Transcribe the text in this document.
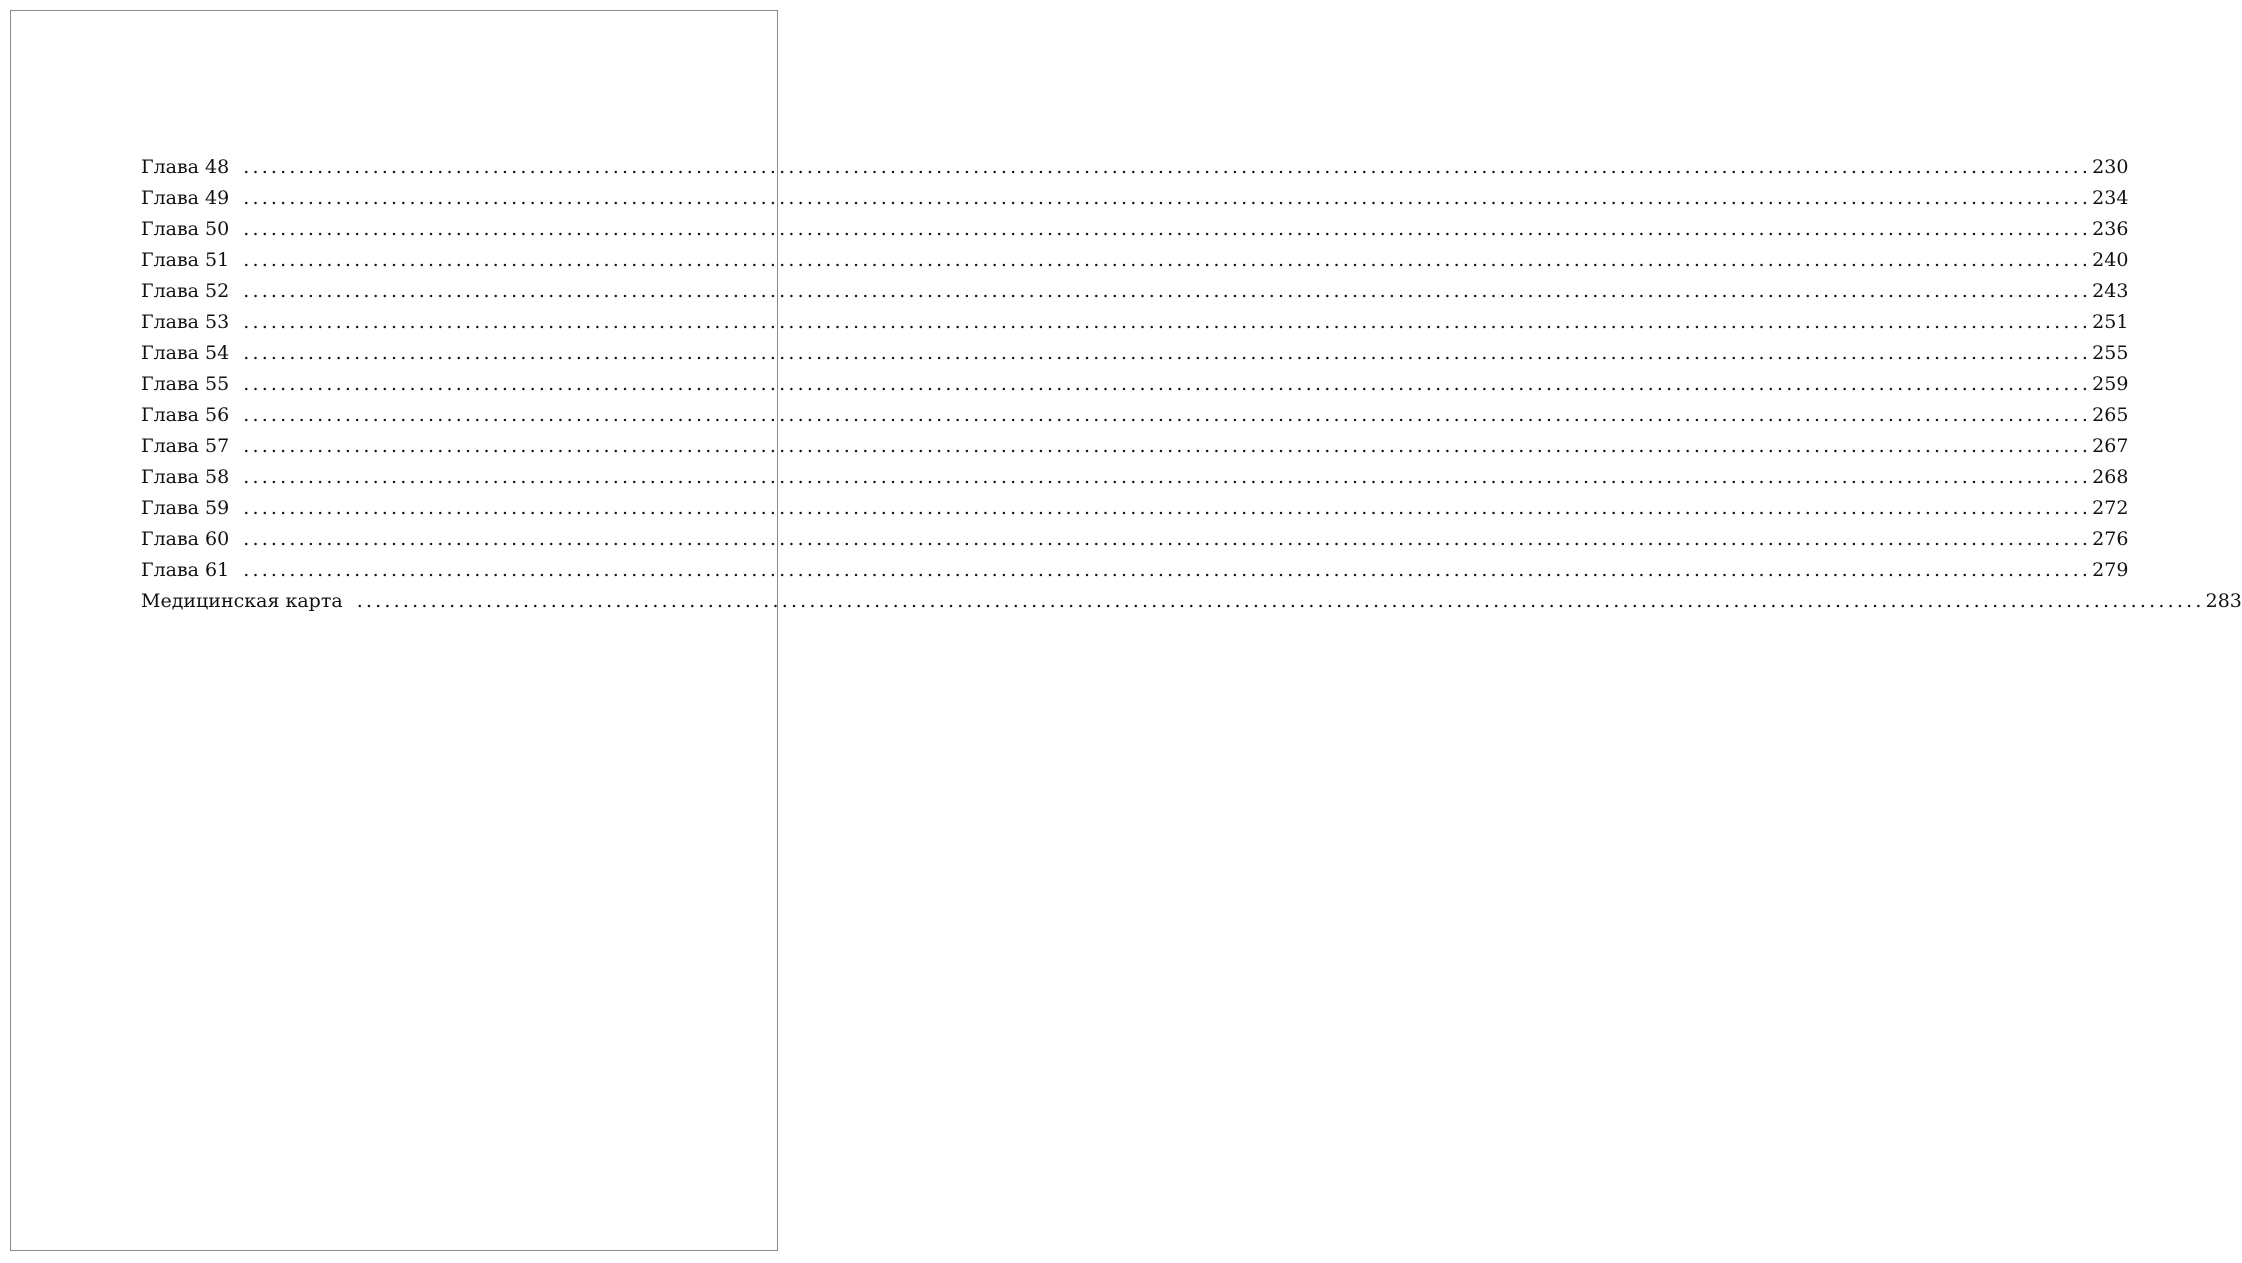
Глава 48 ........................................................................................................................................................................................................ 230
Глава 49 ........................................................................................................................................................................................................ 234
Глава 50 ........................................................................................................................................................................................................ 236
Глава 51 ........................................................................................................................................................................................................ 240
Глава 52 ........................................................................................................................................................................................................ 243
Глава 53 ........................................................................................................................................................................................................ 251
Глава 54 ........................................................................................................................................................................................................ 255
Глава 55 ........................................................................................................................................................................................................ 259
Глава 56 ........................................................................................................................................................................................................ 265
Глава 57 ........................................................................................................................................................................................................ 267
Глава 58 ........................................................................................................................................................................................................ 268
Глава 59 ........................................................................................................................................................................................................ 272
Глава 60 ........................................................................................................................................................................................................ 276
Глава 61 ........................................................................................................................................................................................................ 279
Медицинская карта ........................................................................................................................................................................................................ 283
